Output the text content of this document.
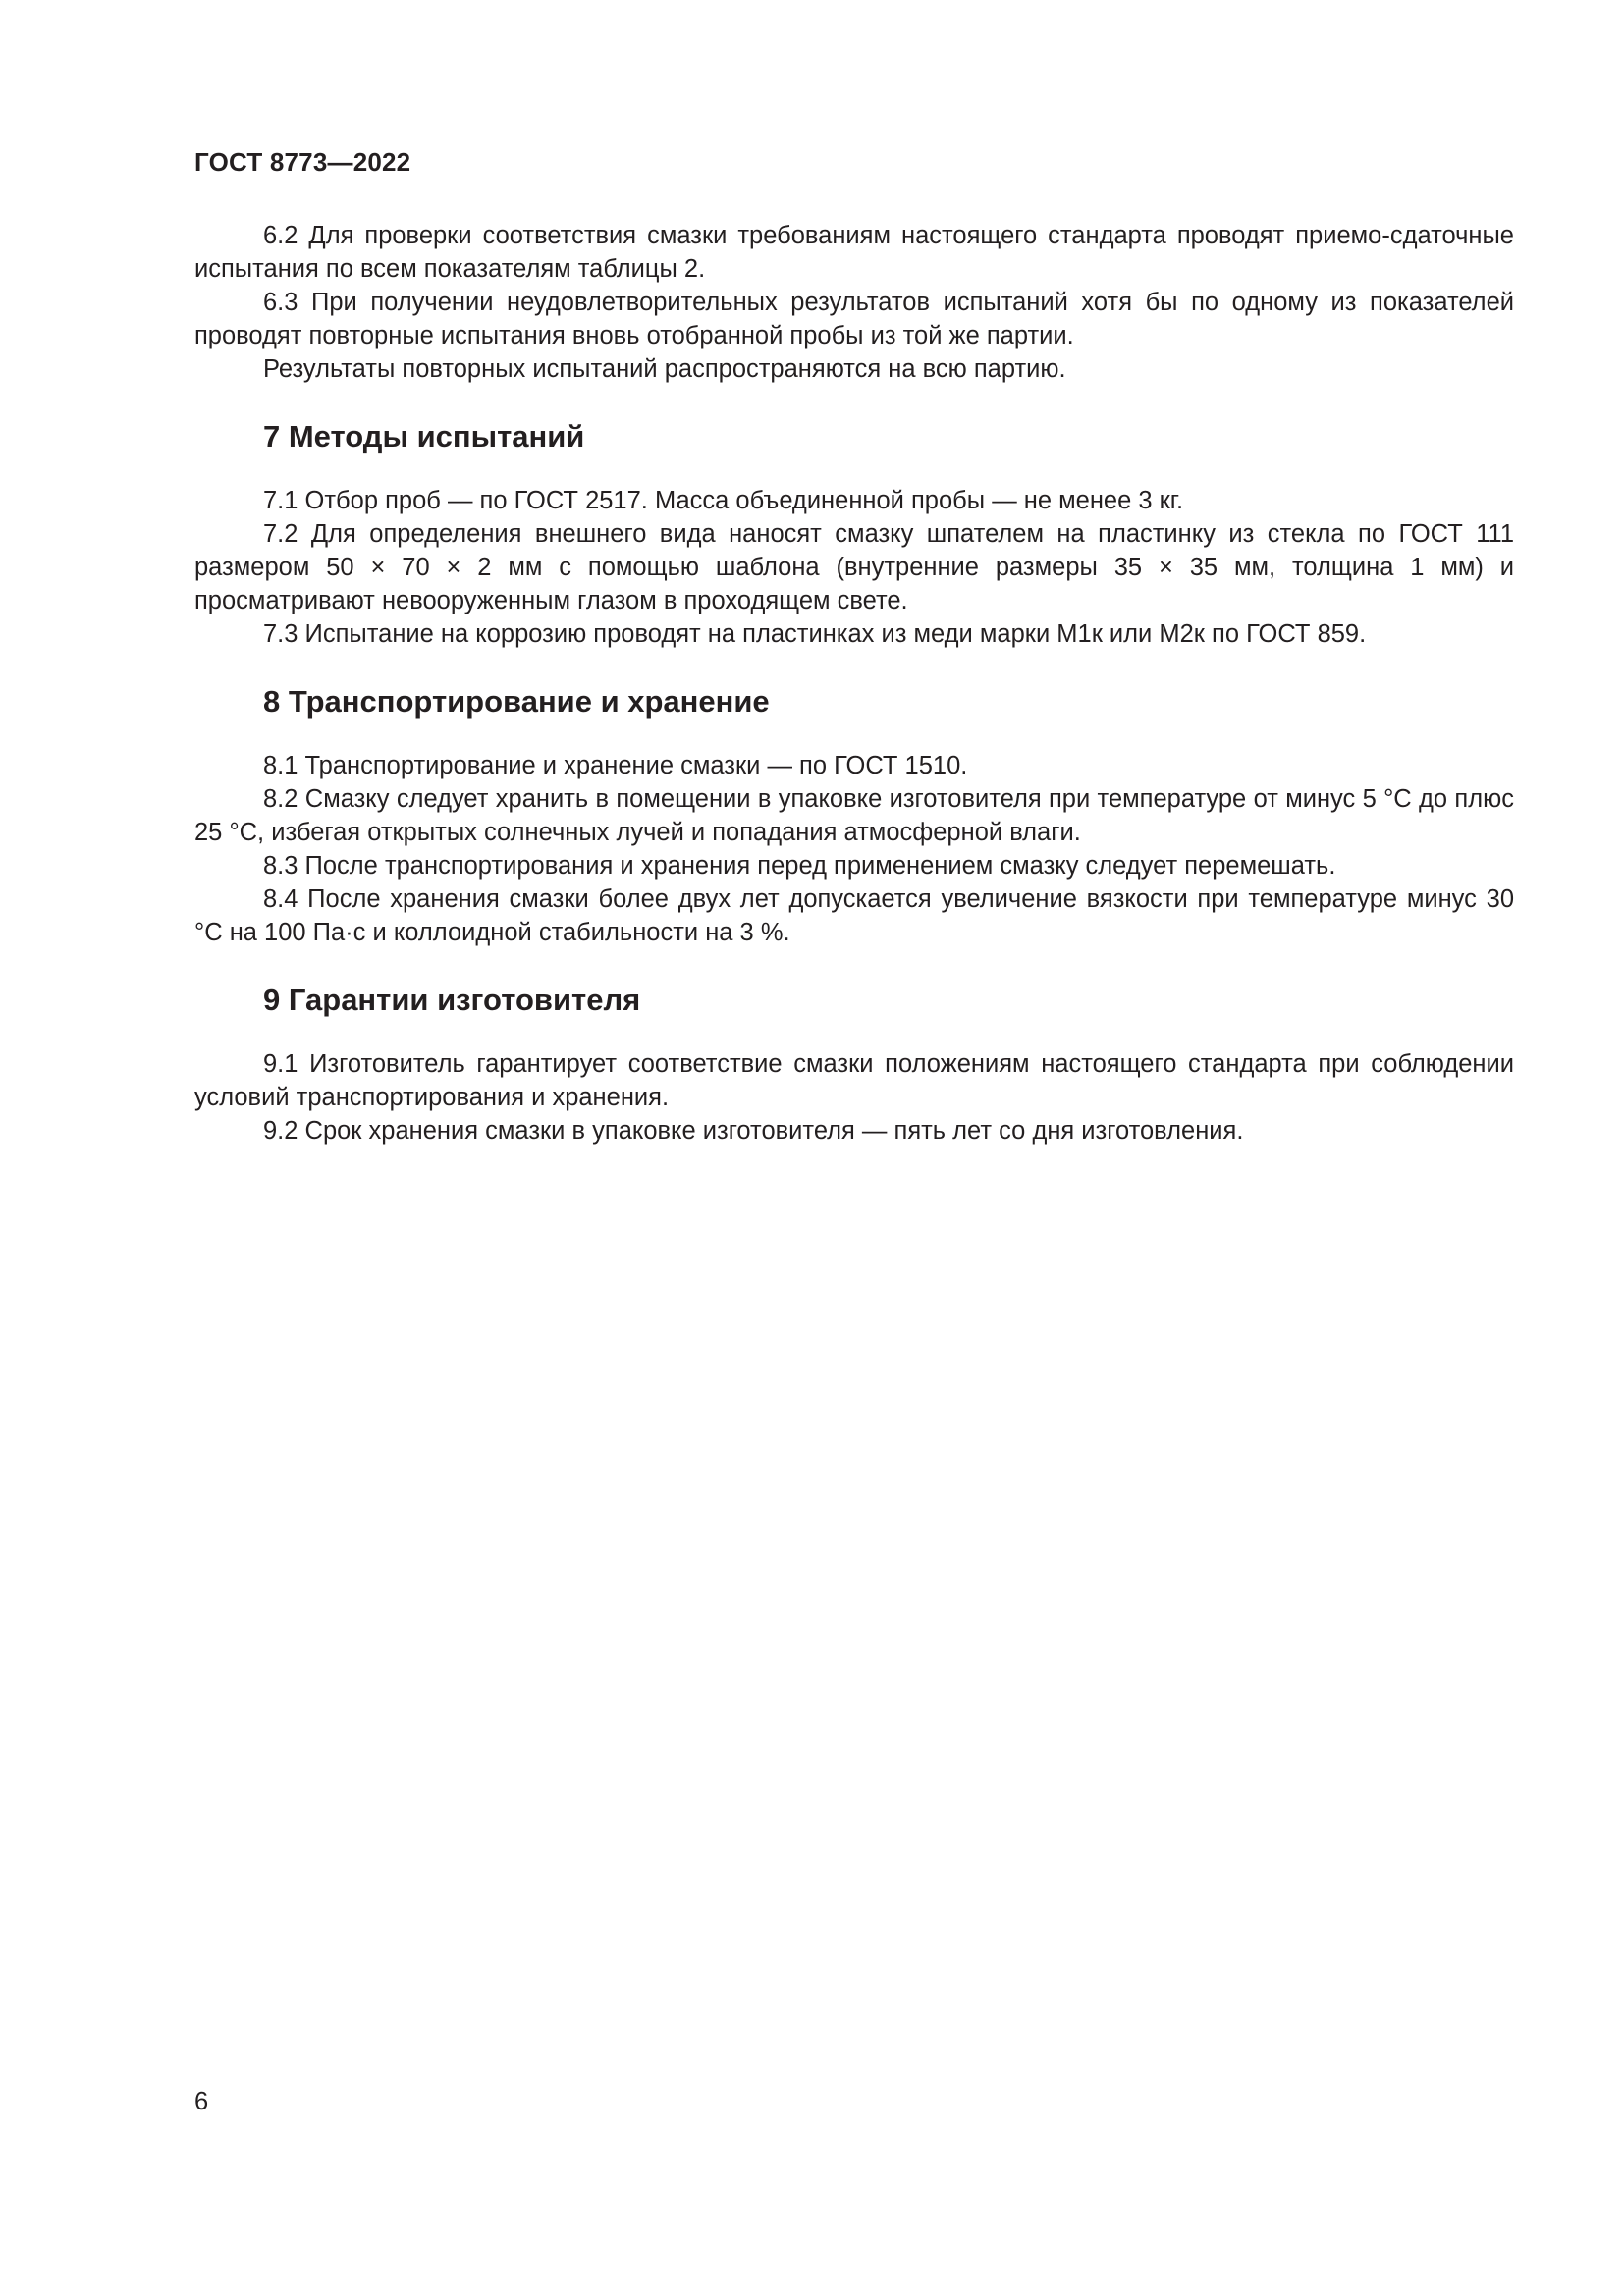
ГОСТ 8773—2022

6.2 Для проверки соответствия смазки требованиям настоящего стандарта проводят приемо-сдаточные испытания по всем показателям таблицы 2.

6.3 При получении неудовлетворительных результатов испытаний хотя бы по одному из показателей проводят повторные испытания вновь отобранной пробы из той же партии.

Результаты повторных испытаний распространяются на всю партию.

7 Методы испытаний

7.1 Отбор проб — по ГОСТ 2517. Масса объединенной пробы — не менее 3 кг.

7.2 Для определения внешнего вида наносят смазку шпателем на пластинку из стекла по ГОСТ 111 размером 50 × 70 × 2 мм с помощью шаблона (внутренние размеры 35 × 35 мм, толщина 1 мм) и просматривают невооруженным глазом в проходящем свете.

7.3 Испытание на коррозию проводят на пластинках из меди марки М1к или М2к по ГОСТ 859.

8 Транспортирование и хранение

8.1 Транспортирование и хранение смазки — по ГОСТ 1510.

8.2 Смазку следует хранить в помещении в упаковке изготовителя при температуре от минус 5 °С до плюс 25 °С, избегая открытых солнечных лучей и попадания атмосферной влаги.

8.3 После транспортирования и хранения перед применением смазку следует перемешать.

8.4 После хранения смазки более двух лет допускается увеличение вязкости при температуре минус 30 °С на 100 Па·с и коллоидной стабильности на 3 %.

9 Гарантии изготовителя

9.1 Изготовитель гарантирует соответствие смазки положениям настоящего стандарта при соблюдении условий транспортирования и хранения.

9.2 Срок хранения смазки в упаковке изготовителя — пять лет со дня изготовления.

6
